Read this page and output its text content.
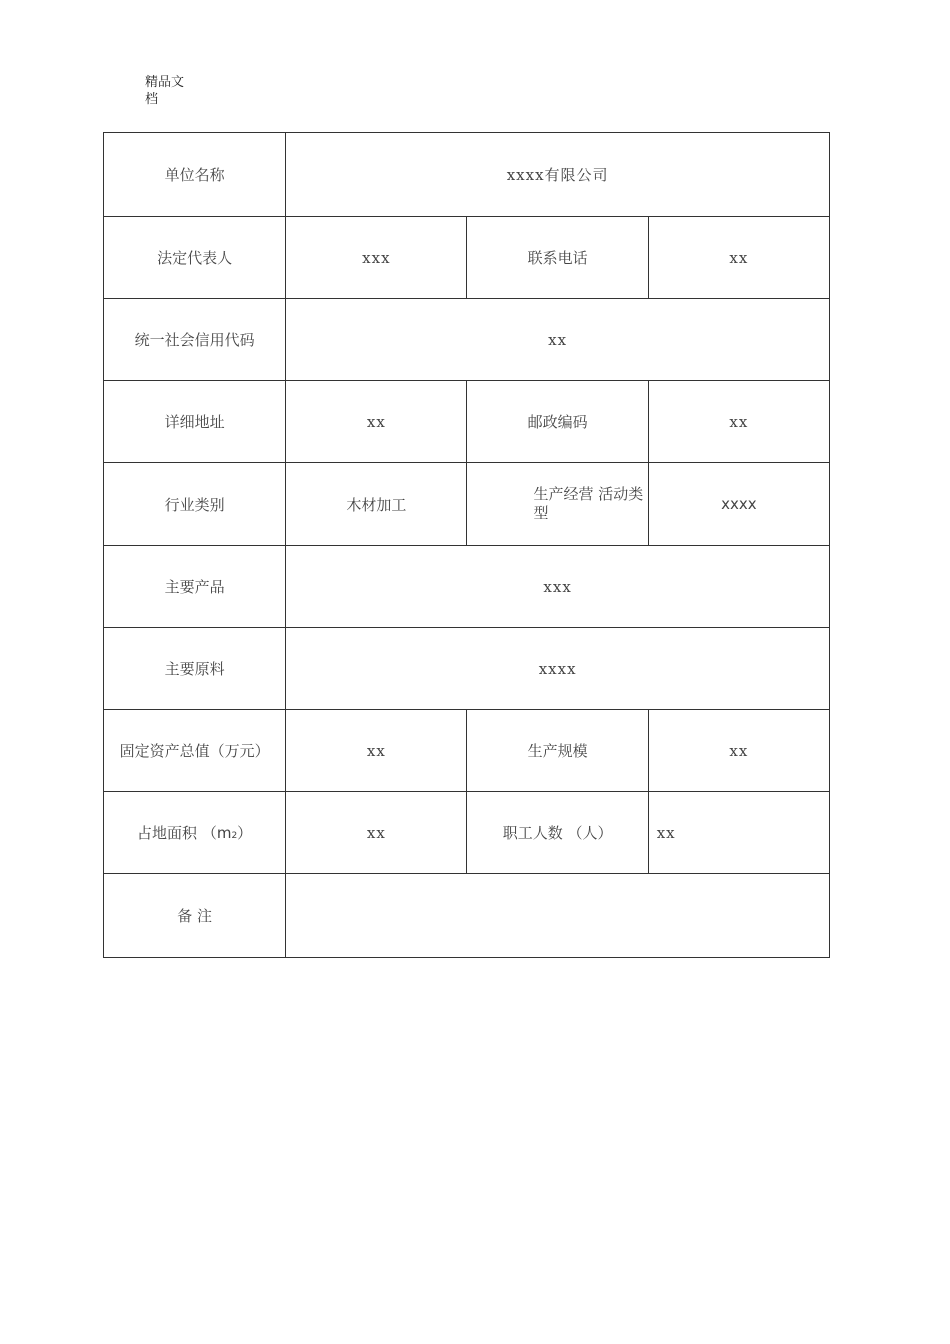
精品文档
单位名称	xxxx有限公司		
法定代表人	xxx	联系电话	xx
统一社会信用代码	xx		
详细地址	xx	邮政编码	xx
行业类别	木材加工	生产经营 活动类型	xxxx
主要产品	xxx		
主要原料	xxxx		
固定资产总值（万元）	xx	生产规模	xx
占地面积 （m2）	xx	职工人数 （人）	xx
备 注			
